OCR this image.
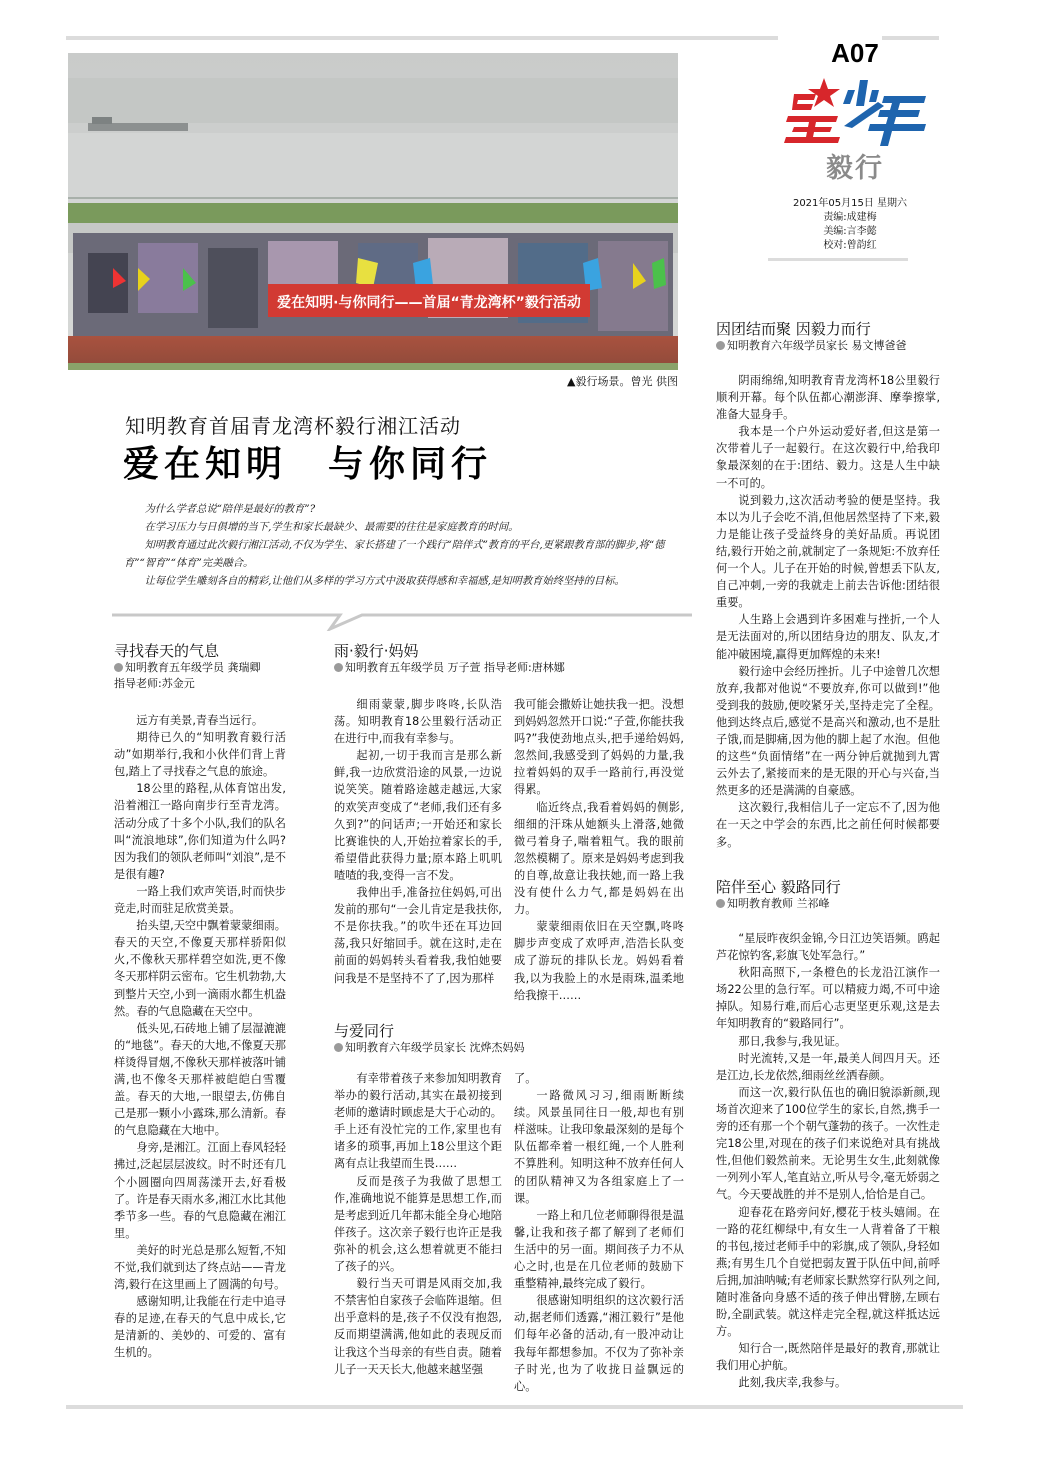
A07
毅行
2021年05月15日 星期六
责编:成建梅
美编:言李懿
校对:曾韵红
爱在知明·与你同行——首届“青龙湾杯”毅行活动
▲毅行场景。曾光 供图
知明教育首届青龙湾杯毅行湘江活动
爱在知明　与你同行

为什么学者总说“陪伴是最好的教育”?

在学习压力与日俱增的当下,学生和家长最缺少、最需要的往往是家庭教育的时间。

知明教育通过此次毅行湘江活动,不仅为学生、家长搭建了一个践行“陪伴式”教育的平台,更紧跟教育部的脚步,将“德育”“智育”“体育”完美融合。

让每位学生雕刻各自的精彩,让他们从多样的学习方式中汲取获得感和幸福感,是知明教育始终坚持的目标。

寻找春天的气息
知明教育五年级学员 龚瑞卿
指导老师:苏金元

远方有美景,青春当远行。

期待已久的“知明教育毅行活动”如期举行,我和小伙伴们背上背包,踏上了寻找春之气息的旅途。

18公里的路程,从体育馆出发,沿着湘江一路向南步行至青龙湾。活动分成了十多个小队,我们的队名叫“流浪地球”,你们知道为什么吗?因为我们的领队老师叫“刘浪”,是不是很有趣?

一路上我们欢声笑语,时而快步竞走,时而驻足欣赏美景。

抬头望,天空中飘着蒙蒙细雨。春天的天空,不像夏天那样骄阳似火,不像秋天那样碧空如洗,更不像冬天那样阴云密布。它生机勃勃,大到整片天空,小到一滴雨水都生机盎然。春的气息隐藏在天空中。

低头见,石砖地上铺了层湿漉漉的“地毯”。春天的大地,不像夏天那样烫得冒烟,不像秋天那样被落叶铺满,也不像冬天那样被皑皑白雪覆盖。春天的大地,一眼望去,仿佛自己是那一颗小小露珠,那么清新。春的气息隐藏在大地中。

身旁,是湘江。江面上春风轻轻拂过,泛起层层波纹。时不时还有几个小圆圈向四周荡漾开去,好看极了。许是春天雨水多,湘江水比其他季节多一些。春的气息隐藏在湘江里。

美好的时光总是那么短暂,不知不觉,我们就到达了终点站——青龙湾,毅行在这里画上了圆满的句号。

感谢知明,让我能在行走中追寻春的足迹,在春天的气息中成长,它是清新的、美妙的、可爱的、富有生机的。

雨·毅行·妈妈
知明教育五年级学员 万子萱 指导老师:唐林娜

细雨蒙蒙,脚步咚咚,长队浩荡。知明教育18公里毅行活动正在进行中,而我有幸参与。

起初,一切于我而言是那么新鲜,我一边欣赏沿途的风景,一边说说笑笑。随着路途越走越远,大家的欢笑声变成了“老师,我们还有多久到?”的问话声;一开始还和家长比赛谁快的人,开始拉着家长的手,希望借此获得力量;原本路上叽叽喳喳的我,变得一言不发。

我伸出手,准备拉住妈妈,可出发前的那句“一会儿肯定是我扶你,不是你扶我。”的吹牛还在耳边回荡,我只好缩回手。就在这时,走在前面的妈妈转头看着我,我怕她要问我是不是坚持不了了,因为那样

我可能会撒娇让她扶我一把。没想到妈妈忽然开口说:“子萱,你能扶我吗?”我使劲地点头,把手递给妈妈,忽然间,我感受到了妈妈的力量,我拉着妈妈的双手一路前行,再没觉得累。

临近终点,我看着妈妈的侧影,细细的汗珠从她额头上滑落,她微微弓着身子,喘着粗气。我的眼前忽然模糊了。原来是妈妈考虑到我的自尊,故意让我扶她,而一路上我没有使什么力气,都是妈妈在出力。

蒙蒙细雨依旧在天空飘,咚咚脚步声变成了欢呼声,浩浩长队变成了游玩的排队长龙。妈妈看着我,以为我脸上的水是雨珠,温柔地给我擦干……

与爱同行
知明教育六年级学员家长 沈烨杰妈妈

有幸带着孩子来参加知明教育举办的毅行活动,其实在最初接到老师的邀请时顾虑是大于心动的。手上还有没忙完的工作,家里也有诸多的琐事,再加上18公里这个距离有点让我望而生畏……

反而是孩子为我做了思想工作,准确地说不能算是思想工作,而是考虑到近几年都未能全身心地陪伴孩子。这次亲子毅行也许正是我弥补的机会,这么想着就更不能扫了孩子的兴。

毅行当天可谓是风雨交加,我不禁害怕自家孩子会临阵退缩。但出乎意料的是,孩子不仅没有抱怨,反而期望满满,他如此的表现反而让我这个当母亲的有些自责。随着儿子一天天长大,他越来越坚强

了。

一路微风习习,细雨断断续续。风景虽同往日一般,却也有别样滋味。让我印象最深刻的是每个队伍都牵着一根红绳,一个人胜利不算胜利。知明这种不放弃任何人的团队精神又为各组家庭上了一课。

一路上和几位老师聊得很是温馨,让我和孩子都了解到了老师们生活中的另一面。期间孩子力不从心之时,也是在几位老师的鼓励下重整精神,最终完成了毅行。

很感谢知明组织的这次毅行活动,据老师们透露,“湘江毅行”是他们每年必备的活动,有一股冲动让我每年都想参加。不仅为了弥补亲子时光,也为了收拢日益飘远的心。

因团结而聚 因毅力而行
知明教育六年级学员家长 易文博爸爸

阴雨绵绵,知明教育青龙湾杯18公里毅行顺利开幕。每个队伍都心潮澎湃、摩拳擦掌,准备大显身手。

我本是一个户外运动爱好者,但这是第一次带着儿子一起毅行。在这次毅行中,给我印象最深刻的在于:团结、毅力。这是人生中缺一不可的。

说到毅力,这次活动考验的便是坚持。我本以为儿子会吃不消,但他居然坚持了下来,毅力是能让孩子受益终身的美好品质。再说团结,毅行开始之前,就制定了一条规矩:不放弃任何一个人。儿子在开始的时候,曾想丢下队友,自己冲刺,一旁的我就走上前去告诉他:团结很重要。

人生路上会遇到许多困难与挫折,一个人是无法面对的,所以团结身边的朋友、队友,才能冲破困境,赢得更加辉煌的未来!

毅行途中会经历挫折。儿子中途曾几次想放弃,我都对他说“不要放弃,你可以做到!”他受到我的鼓励,便咬紧牙关,坚持走完了全程。他到达终点后,感觉不是高兴和激动,也不是肚子饿,而是脚痛,因为他的脚上起了水泡。但他的这些“负面情绪”在一两分钟后就抛到九霄云外去了,紧接而来的是无限的开心与兴奋,当然更多的还是满满的自豪感。

这次毅行,我相信儿子一定忘不了,因为他在一天之中学会的东西,比之前任何时候都要多。

陪伴至心 毅路同行
知明教育教师 兰祁峰

“星辰昨夜织金锦,今日江边笑语频。鸥起芦花惊钓客,彩旗飞处军急行。”

秋阳高照下,一条橙色的长龙沿江演作一场22公里的急行军。可以精疲力竭,不可中途掉队。知易行难,而后心志更坚更乐观,这是去年知明教育的“毅路同行”。

那日,我参与,我见证。

时光流转,又是一年,最美人间四月天。还是江边,长龙依然,细雨丝丝洒春颜。

而这一次,毅行队伍也的确旧貌添新颜,现场首次迎来了100位学生的家长,自然,携手一旁的还有那一个个朝气蓬勃的孩子。一次性走完18公里,对现在的孩子们来说绝对具有挑战性,但他们毅然前来。无论男生女生,此刻就像一列列小军人,笔直站立,听从号令,毫无娇弱之气。今天要战胜的并不是别人,恰恰是自己。

迎春花在路旁问好,樱花于枝头嬉闹。在一路的花红柳绿中,有女生一人背着备了干粮的书包,接过老师手中的彩旗,成了领队,身轻如燕;有男生几个自觉把弱友置于队伍中间,前呼后拥,加油呐喊;有老师家长默然穿行队列之间,随时准备向身感不适的孩子伸出臂膀,左顾右盼,全副武装。就这样走完全程,就这样抵达远方。

知行合一,既然陪伴是最好的教育,那就让我们用心护航。

此刻,我庆幸,我参与。
